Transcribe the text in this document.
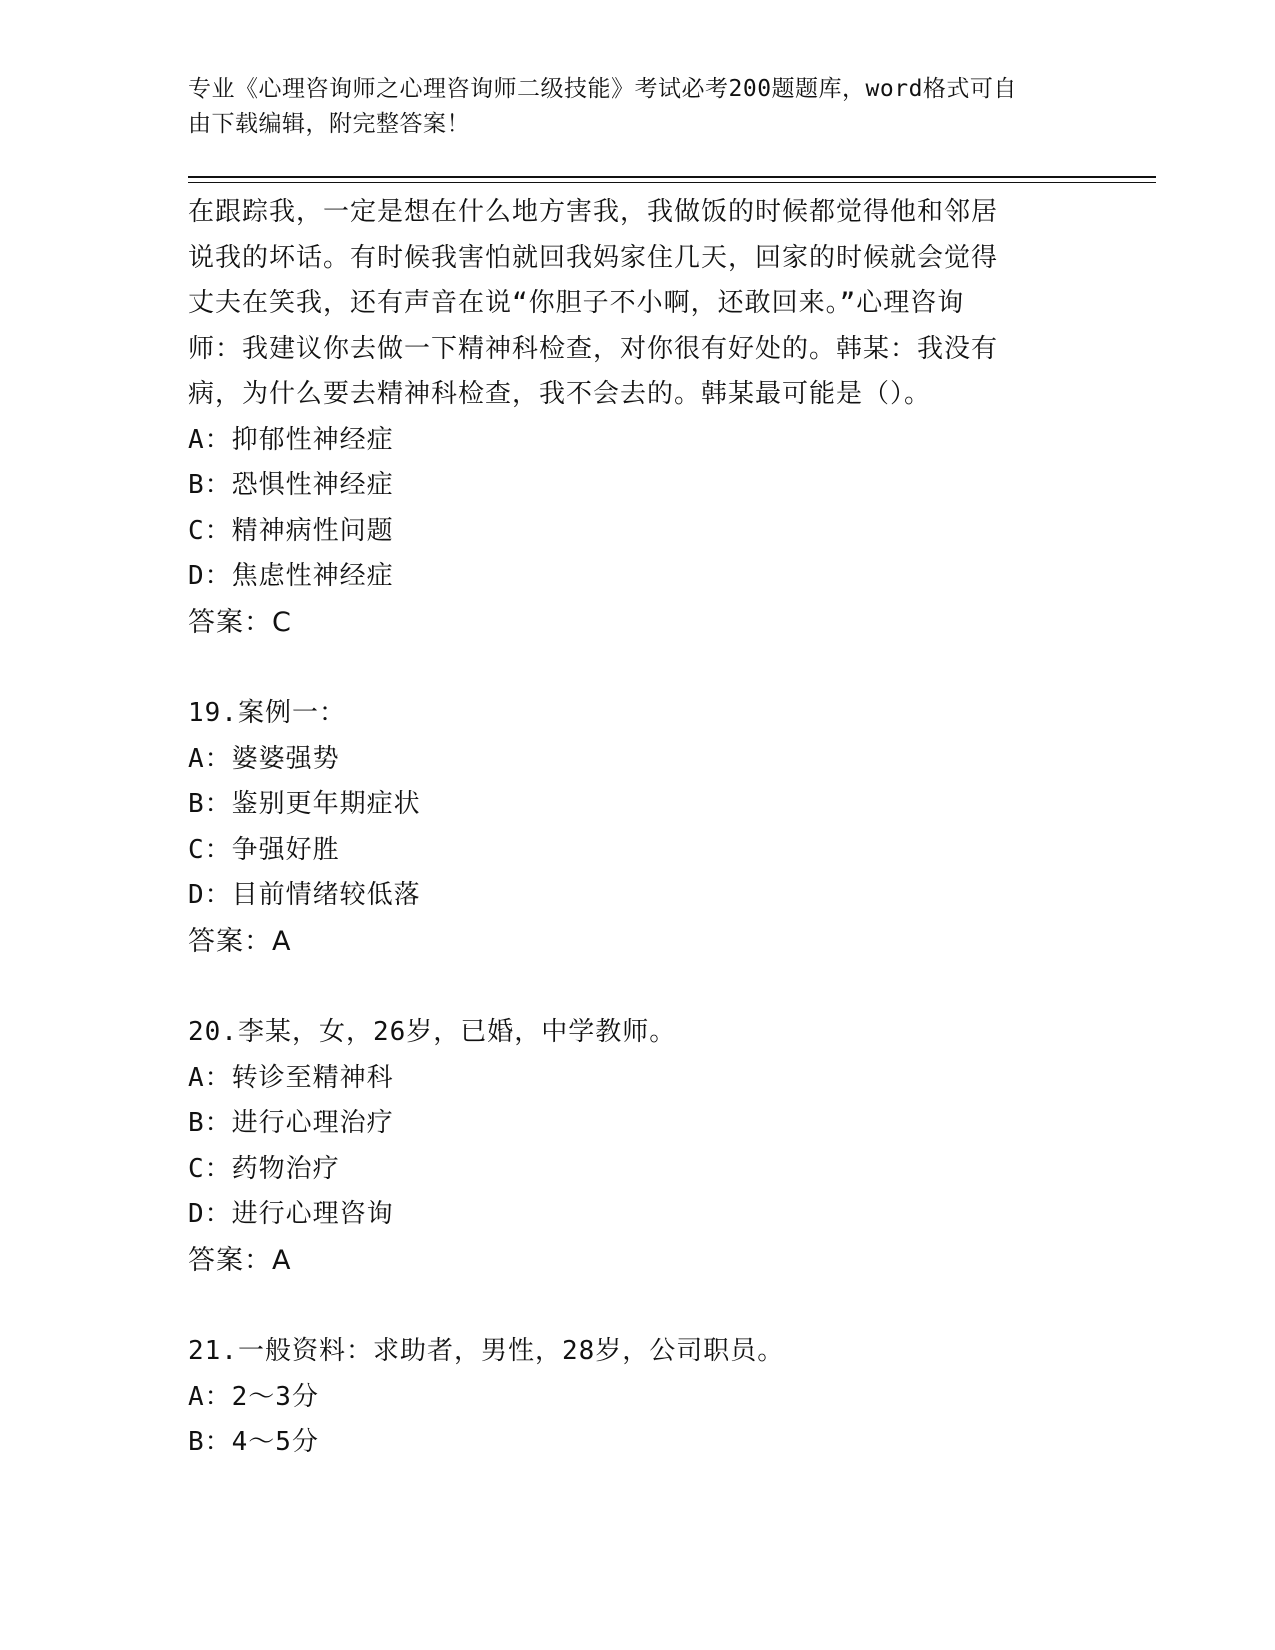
专业《心理咨询师之心理咨询师二级技能》考试必考200题题库，word格式可自
由下载编辑，附完整答案！
在跟踪我，一定是想在什么地方害我，我做饭的时候都觉得他和邻居
说我的坏话。有时候我害怕就回我妈家住几天，回家的时候就会觉得
丈夫在笑我，还有声音在说“你胆子不小啊，还敢回来。”心理咨询
师：我建议你去做一下精神科检查，对你很有好处的。韩某：我没有
病，为什么要去精神科检查，我不会去的。韩某最可能是（）。
A：抑郁性神经症
B：恐惧性神经症
C：精神病性问题
D：焦虑性神经症
答案：C
19.案例一：
A：婆婆强势
B：鉴别更年期症状
C：争强好胜
D：目前情绪较低落
答案：A
20.李某，女，26岁，已婚，中学教师。
A：转诊至精神科
B：进行心理治疗
C：药物治疗
D：进行心理咨询
答案：A
21.一般资料：求助者，男性，28岁，公司职员。
A：2～3分
B：4～5分
